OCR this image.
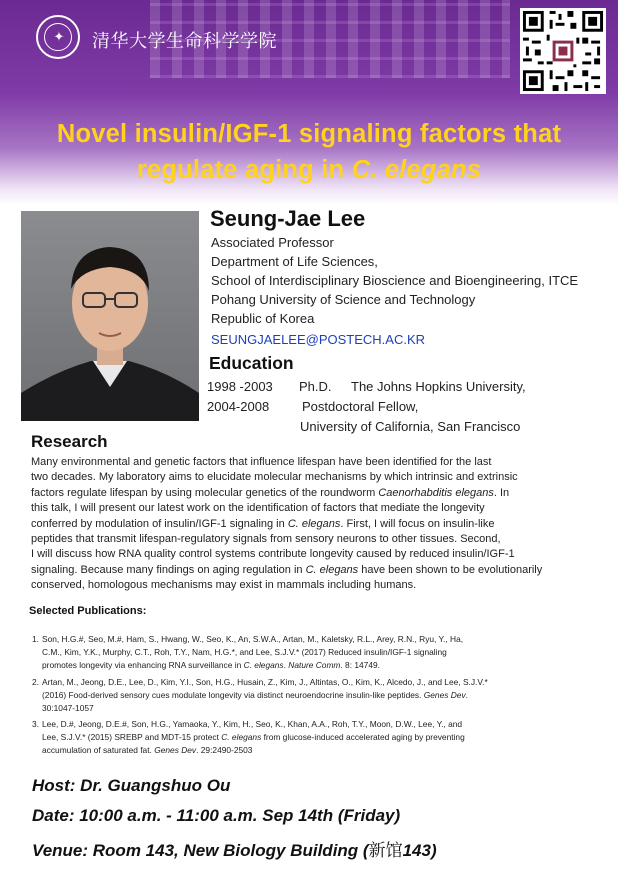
✦	清华大学生命科学学院
Novel insulin/IGF-1 signaling factors that
regulate aging in C. elegans
Seung-Jae Lee
Associated Professor
Department of Life Sciences,
School of Interdisciplinary Bioscience and Bioengineering, ITCE
Pohang University of Science and Technology
Republic of Korea
SEUNGJAELEE@POSTECH.AC.KR
Education
1998 -2003 Ph.D. The Johns Hopkins University,
2004-2008	Postdoctoral Fellow,
University of California, San Francisco
Research
Many environmental and genetic factors that influence lifespan have been identified for the last
two decades. My laboratory aims to elucidate molecular mechanisms by which intrinsic and extrinsic
factors regulate lifespan by using molecular genetics of the roundworm Caenorhabditis elegans. In
this talk, I will present our latest work on the identification of factors that mediate the longevity
conferred by modulation of insulin/IGF-1 signaling in C. elegans. First, I will focus on insulin-like
peptides that transmit lifespan-regulatory signals from sensory neurons to other tissues. Second,
I will discuss how RNA quality control systems contribute longevity caused by reduced insulin/IGF-1
signaling. Because many findings on aging regulation in C. elegans have been shown to be evolutionarily
conserved, homologous mechanisms may exist in mammals including humans.
Selected Publications:
1. Son, H.G.#, Seo, M.#, Ham, S., Hwang, W., Seo, K., An, S.W.A., Artan, M., Kaletsky, R.L., Arey, R.N., Ryu, Y., Ha,
C.M., Kim, Y.K., Murphy, C.T., Roh, T.Y., Nam, H.G.*, and Lee, S.J.V.* (2017) Reduced insulin/IGF-1 signaling
promotes longevity via enhancing RNA surveillance in C. elegans. Nature Comm. 8: 14749.
2. Artan, M., Jeong, D.E., Lee, D., Kim, Y.I., Son, H.G., Husain, Z., Kim, J., Altintas, O., Kim, K., Alcedo, J., and Lee, S.J.V.*
(2016) Food-derived sensory cues modulate longevity via distinct neuroendocrine insulin-like peptides. Genes Dev.
30:1047-1057
3. Lee, D.#, Jeong, D.E.#, Son, H.G., Yamaoka, Y., Kim, H., Seo, K., Khan, A.A., Roh, T.Y., Moon, D.W., Lee, Y., and
Lee, S.J.V.* (2015) SREBP and MDT-15 protect C. elegans from glucose-induced accelerated aging by preventing
accumulation of saturated fat. Genes Dev. 29:2490-2503
Host: Dr. Guangshuo Ou
Date: 10:00 a.m. - 11:00 a.m. Sep 14th (Friday)
Venue: Room 143, New Biology Building (新馆143)
